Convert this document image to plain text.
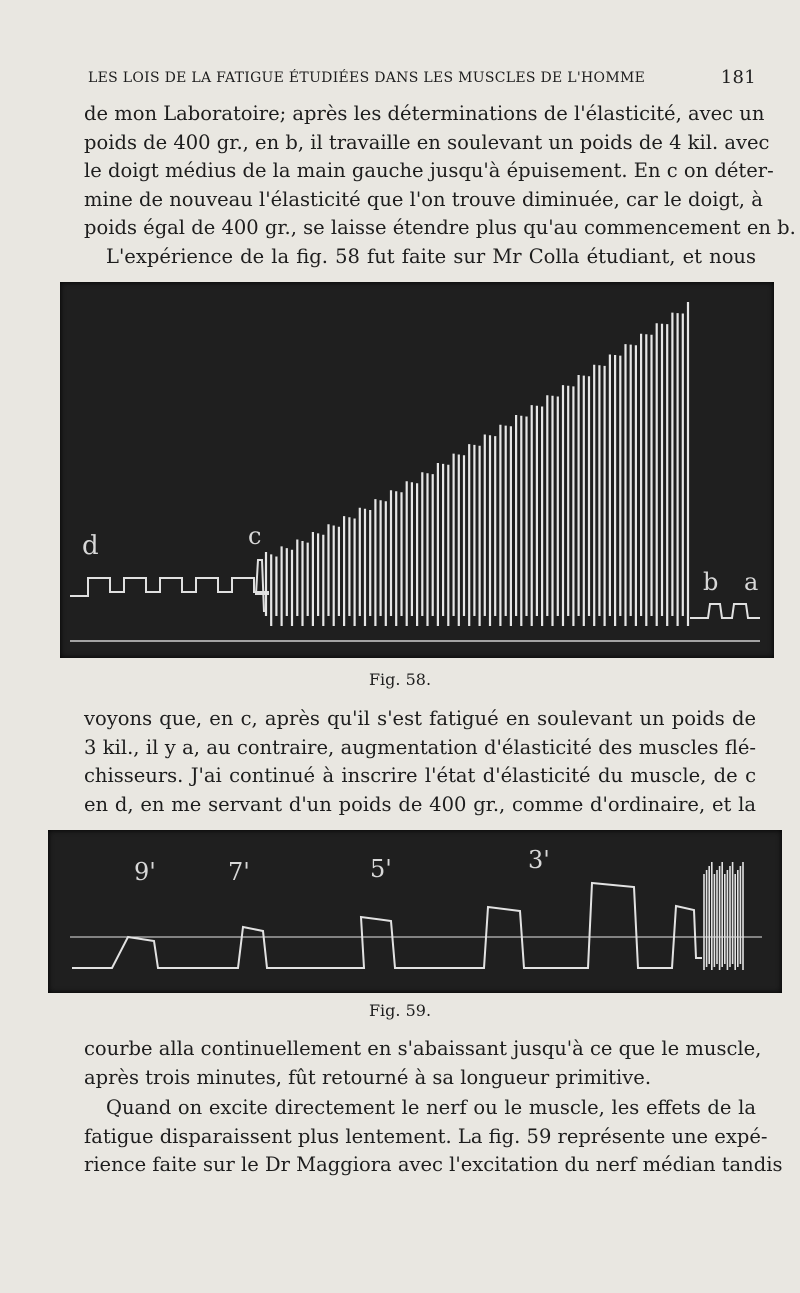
LES LOIS DE LA FATIGUE ÉTUDIÉES DANS LES MUSCLES DE L'HOMME	181
de mon Laboratoire; après les déterminations de l'élasticité, avec un
poids de 400 gr., en b, il travaille en soulevant un poids de 4 kil. avec
le doigt médius de la main gauche jusqu'à épuisement. En c on déter-
mine de nouveau l'élasticité que l'on trouve diminuée, car le doigt, à
poids égal de 400 gr., se laisse étendre plus qu'au commencement en b.
L'expérience de la fig. 58 fut faite sur Mr Colla étudiant, et nous
d	c
b a
Fig. 58.
voyons que, en c, après qu'il s'est fatigué en soulevant un poids de
3 kil., il y a, au contraire, augmentation d'élasticité des muscles flé-
chisseurs. J'ai continué à inscrire l'état d'élasticité du muscle, de c
en d, en me servant d'un poids de 400 gr., comme d'ordinaire, et la
9'	7'	5'	3'
Fig. 59.
courbe alla continuellement en s'abaissant jusqu'à ce que le muscle,
après trois minutes, fût retourné à sa longueur primitive.
Quand on excite directement le nerf ou le muscle, les effets de la
fatigue disparaissent plus lentement. La fig. 59 représente une expé-
rience faite sur le Dr Maggiora avec l'excitation du nerf médian tandis
